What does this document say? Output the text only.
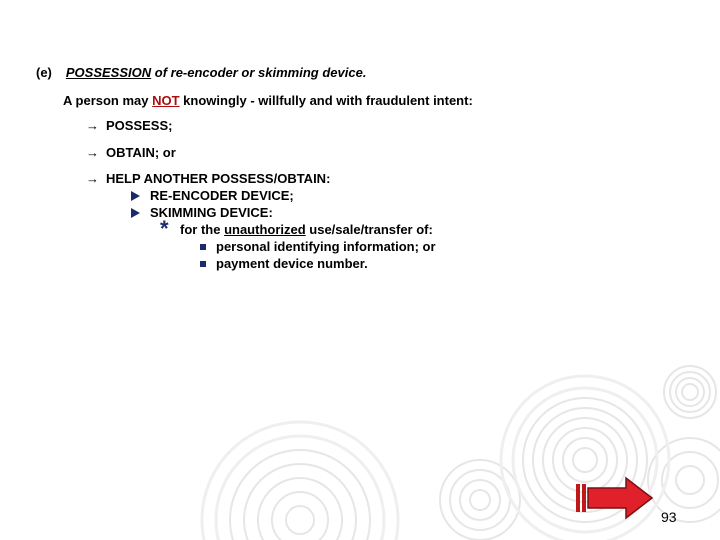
(e) POSSESSION of re-encoder or skimming device.
A person may NOT knowingly - willfully and with fraudulent intent:
→ POSSESS;
→ OBTAIN; or
→ HELP ANOTHER POSSESS/OBTAIN:
RE-ENCODER DEVICE;
SKIMMING DEVICE:
* for the unauthorized use/sale/transfer of:
personal identifying information; or
payment device number.
93
